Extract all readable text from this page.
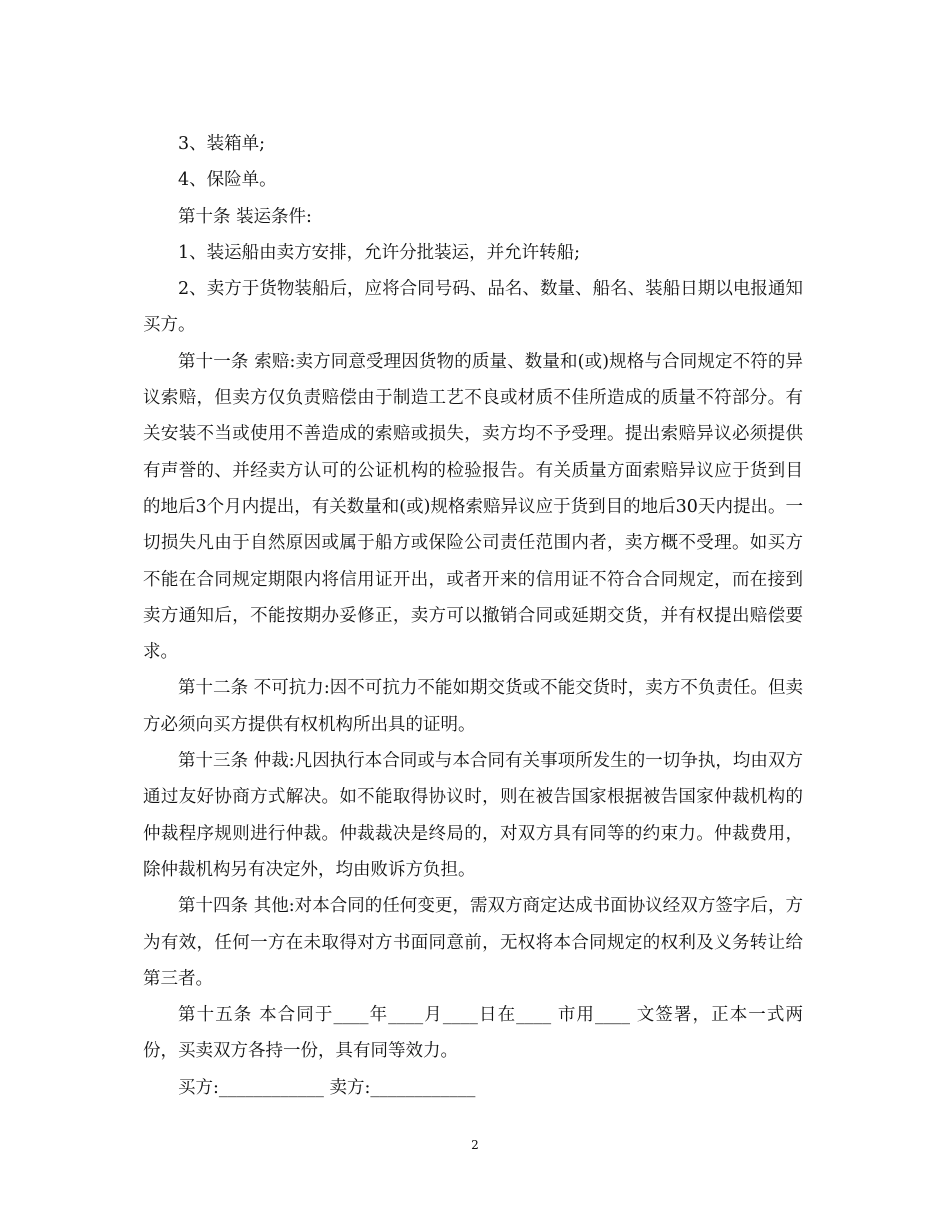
3、装箱单;

4、保险单。

第十条 装运条件:

1、装运船由卖方安排，允许分批装运，并允许转船;

2、卖方于货物装船后，应将合同号码、品名、数量、船名、装船日期以电报通知买方。

第十一条 索赔:卖方同意受理因货物的质量、数量和(或)规格与合同规定不符的异议索赔，但卖方仅负责赔偿由于制造工艺不良或材质不佳所造成的质量不符部分。有关安装不当或使用不善造成的索赔或损失，卖方均不予受理。提出索赔异议必须提供有声誉的、并经卖方认可的公证机构的检验报告。有关质量方面索赔异议应于货到目的地后3个月内提出，有关数量和(或)规格索赔异议应于货到目的地后30天内提出。一切损失凡由于自然原因或属于船方或保险公司责任范围内者，卖方概不受理。如买方不能在合同规定期限内将信用证开出，或者开来的信用证不符合合同规定，而在接到卖方通知后，不能按期办妥修正，卖方可以撤销合同或延期交货，并有权提出赔偿要求。

第十二条 不可抗力:因不可抗力不能如期交货或不能交货时，卖方不负责任。但卖方必须向买方提供有权机构所出具的证明。

第十三条 仲裁:凡因执行本合同或与本合同有关事项所发生的一切争执，均由双方通过友好协商方式解决。如不能取得协议时，则在被告国家根据被告国家仲裁机构的仲裁程序规则进行仲裁。仲裁裁决是终局的，对双方具有同等的约束力。仲裁费用，除仲裁机构另有决定外，均由败诉方负担。

第十四条 其他:对本合同的任何变更，需双方商定达成书面协议经双方签字后，方为有效，任何一方在未取得对方书面同意前，无权将本合同规定的权利及义务转让给第三者。

第十五条 本合同于____年____月____日在____ 市用____ 文签署，正本一式两份，买卖双方各持一份，具有同等效力。

买方:____________ 卖方:____________

2
